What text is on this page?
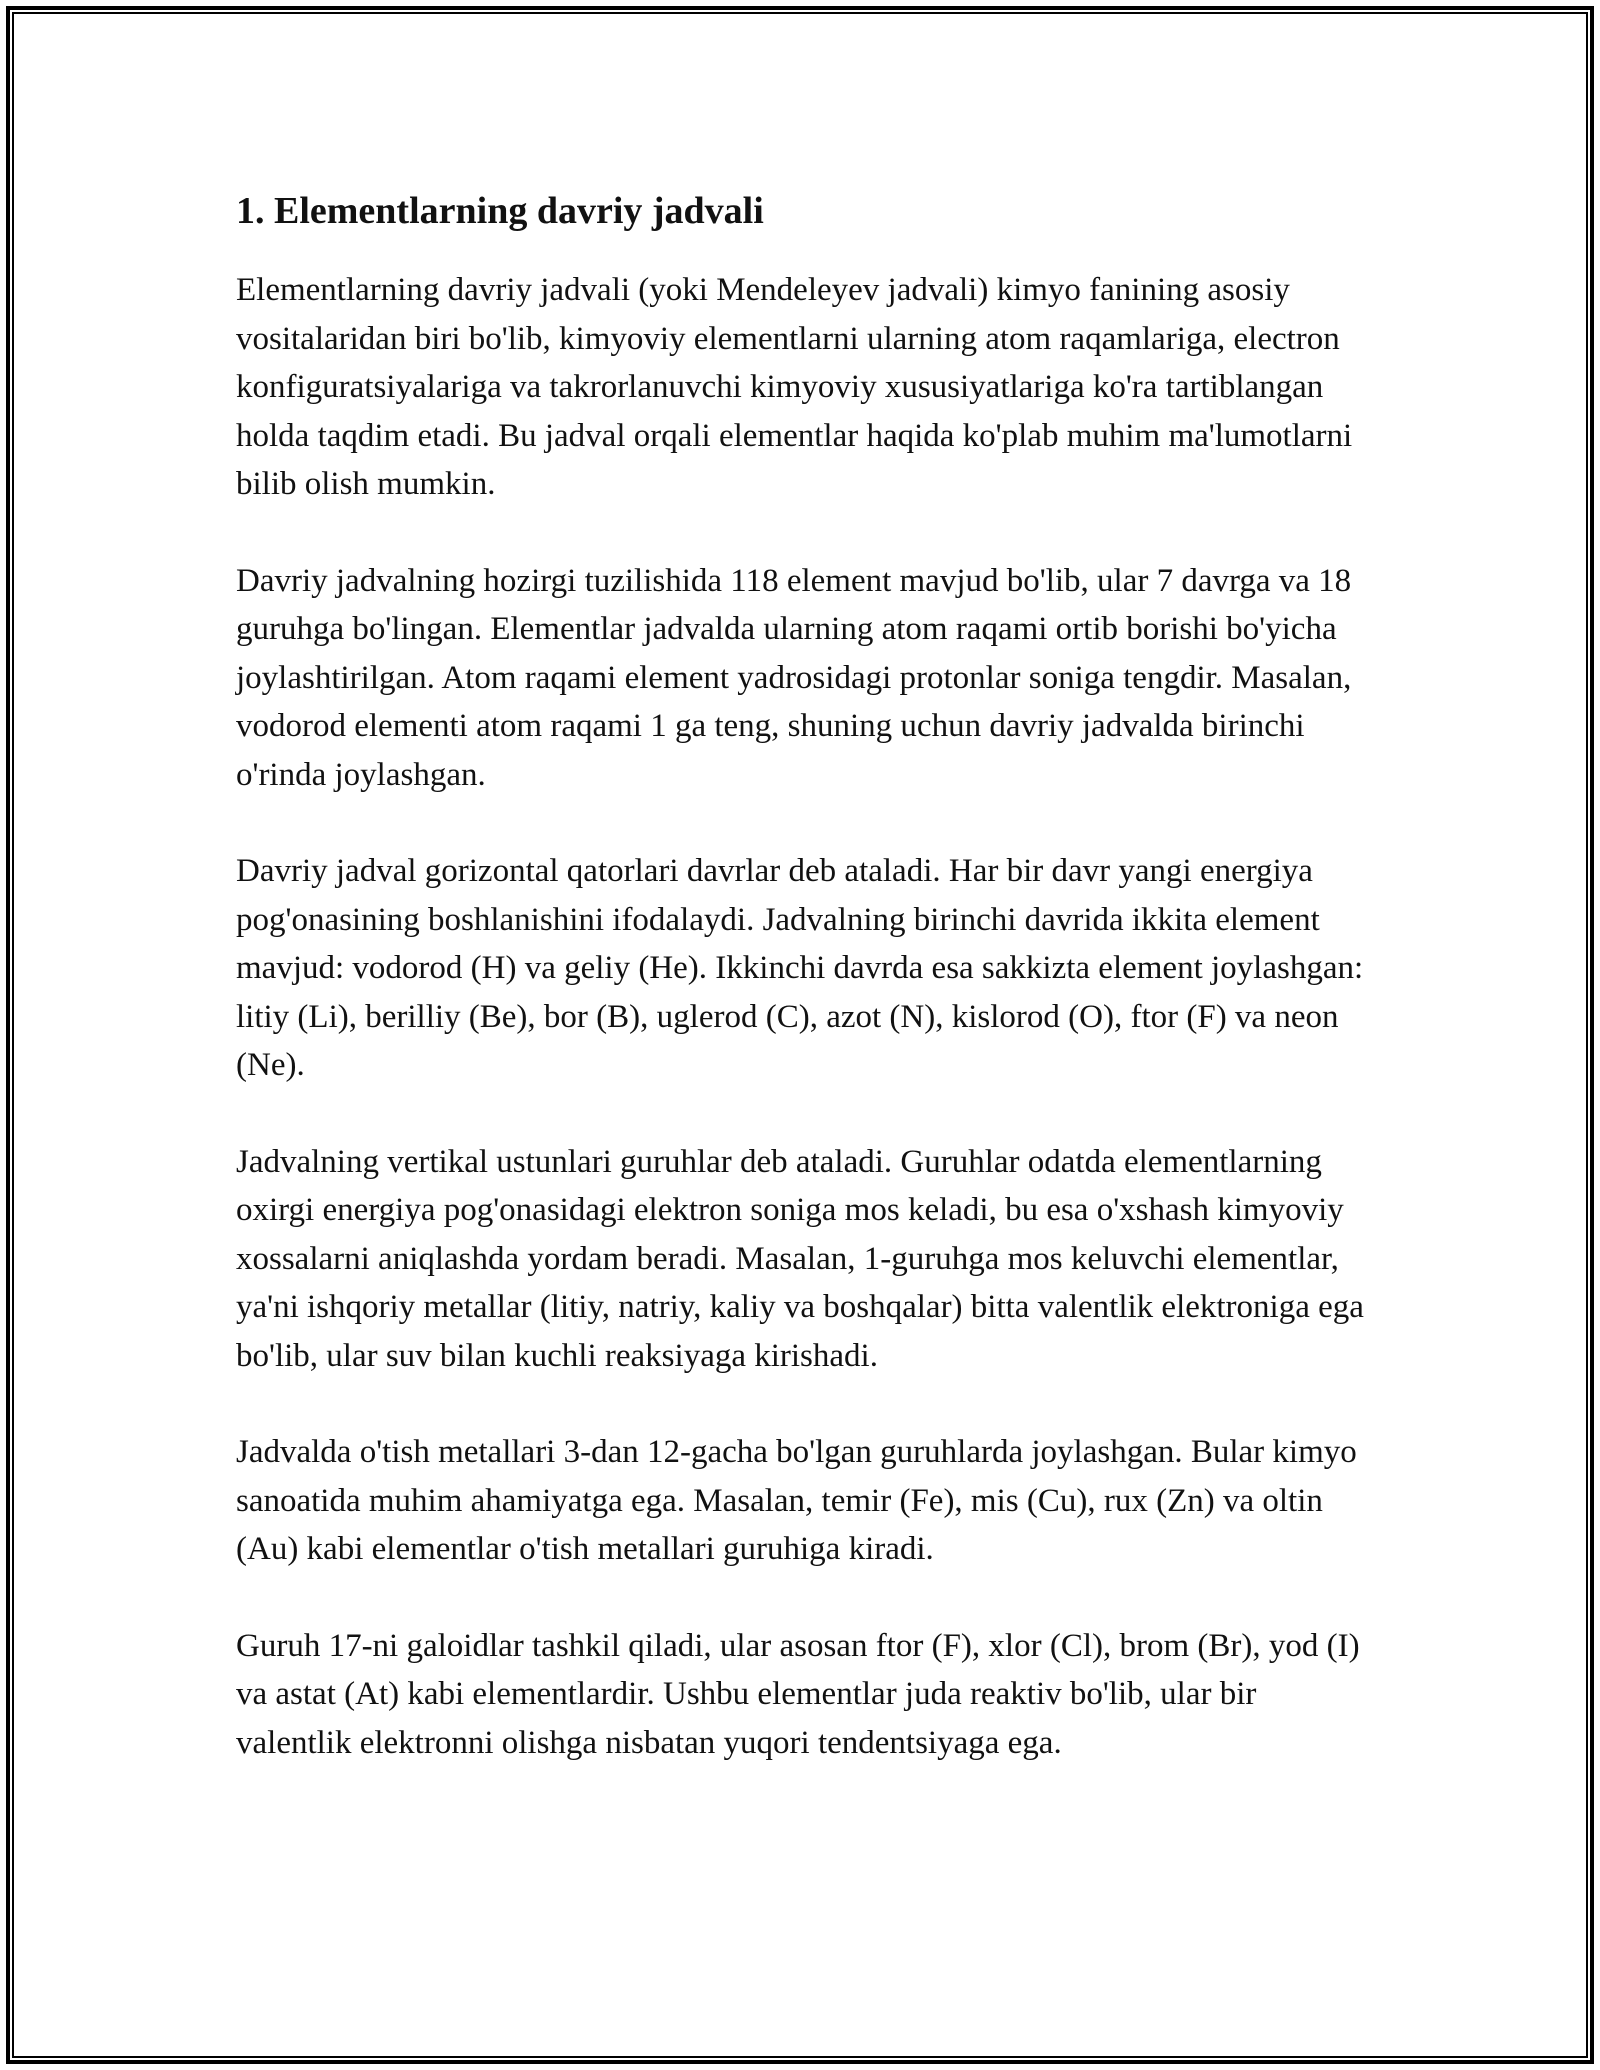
1. Elementlarning davriy jadvali

Elementlarning davriy jadvali (yoki Mendeleyev jadvali) kimyo fanining asosiy vositalaridan biri bo'lib, kimyoviy elementlarni ularning atom raqamlariga, electron konfiguratsiyalariga va takrorlanuvchi kimyoviy xususiyatlariga ko'ra tartiblangan holda taqdim etadi. Bu jadval orqali elementlar haqida ko'plab muhim ma'lumotlarni bilib olish mumkin.

Davriy jadvalning hozirgi tuzilishida 118 element mavjud bo'lib, ular 7 davrga va 18 guruhga bo'lingan. Elementlar jadvalda ularning atom raqami ortib borishi bo'yicha joylashtirilgan. Atom raqami element yadrosidagi protonlar soniga tengdir. Masalan, vodorod elementi atom raqami 1 ga teng, shuning uchun davriy jadvalda birinchi o'rinda joylashgan.

Davriy jadval gorizontal qatorlari davrlar deb ataladi. Har bir davr yangi energiya pog'onasining boshlanishini ifodalaydi. Jadvalning birinchi davrida ikkita element mavjud: vodorod (H) va geliy (He). Ikkinchi davrda esa sakkizta element joylashgan: litiy (Li), berilliy (Be), bor (B), uglerod (C), azot (N), kislorod (O), ftor (F) va neon (Ne).

Jadvalning vertikal ustunlari guruhlar deb ataladi. Guruhlar odatda elementlarning oxirgi energiya pog'onasidagi elektron soniga mos keladi, bu esa o'xshash kimyoviy xossalarni aniqlashda yordam beradi. Masalan, 1-guruhga mos keluvchi elementlar, ya'ni ishqoriy metallar (litiy, natriy, kaliy va boshqalar) bitta valentlik elektroniga ega bo'lib, ular suv bilan kuchli reaksiyaga kirishadi.

Jadvalda o'tish metallari 3-dan 12-gacha bo'lgan guruhlarda joylashgan. Bular kimyo sanoatida muhim ahamiyatga ega. Masalan, temir (Fe), mis (Cu), rux (Zn) va oltin (Au) kabi elementlar o'tish metallari guruhiga kiradi.

Guruh 17-ni galoidlar tashkil qiladi, ular asosan ftor (F), xlor (Cl), brom (Br), yod (I) va astat (At) kabi elementlardir. Ushbu elementlar juda reaktiv bo'lib, ular bir valentlik elektronni olishga nisbatan yuqori tendentsiyaga ega.
